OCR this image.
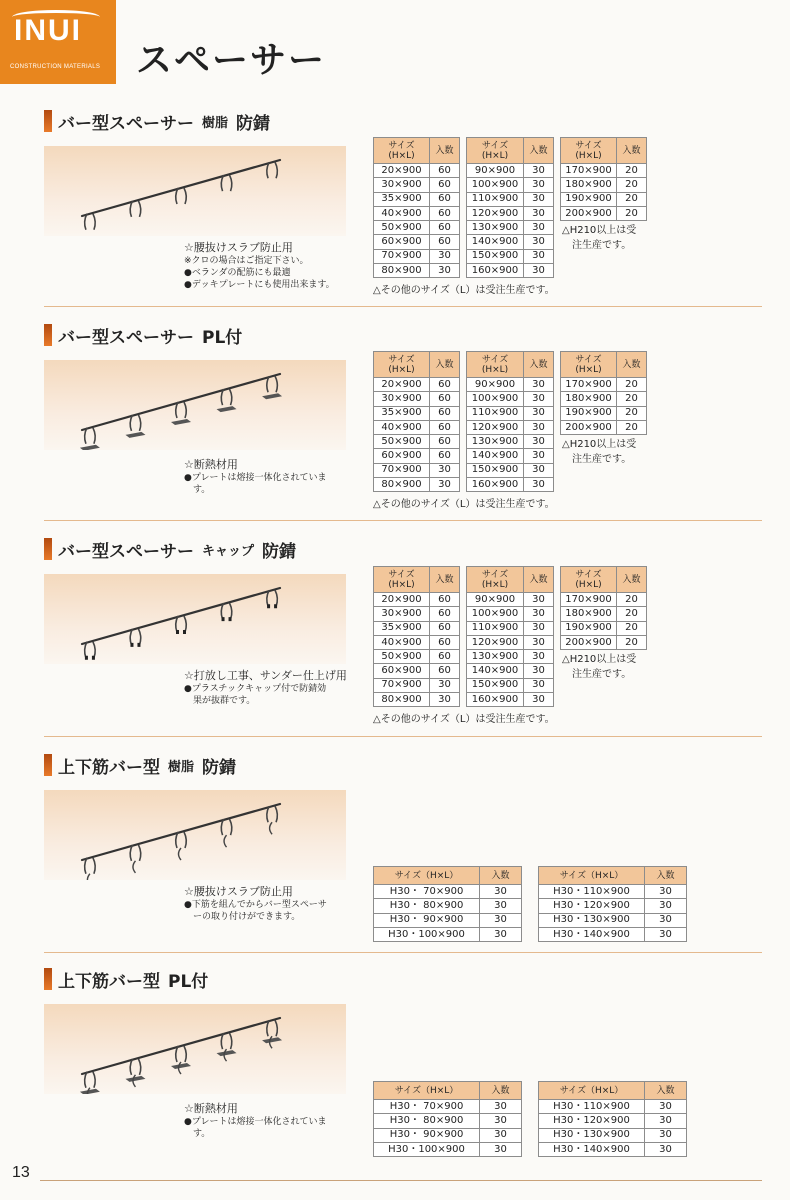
INUI
CONSTRUCTION MATERIALS スペーサー
バー型スペーサー 樹脂 防錆
☆腰抜けスラブ防止用
※クロの場合はご指定下さい。
●ベランダの配筋にも最適
●デッキプレートにも使用出来ます。
サイズ
(H×L)	入数
20×900	60
30×900	60
35×900	60
40×900	60
50×900	60
60×900	60
70×900	30
80×900	30
サイズ
(H×L)	入数
90×900	30
100×900	30
110×900	30
120×900	30
130×900	30
140×900	30
150×900	30
160×900	30
サイズ
(H×L)	入数
170×900	20
180×900	20
190×900	20
200×900	20
△H210以上は受
注生産です。
△その他のサイズ（L）は受注生産です。
バー型スペーサー PL付
☆断熱材用
●プレートは熔接一体化されていま
　す。
サイズ
(H×L)	入数
20×900	60
30×900	60
35×900	60
40×900	60
50×900	60
60×900	60
70×900	30
80×900	30
サイズ
(H×L)	入数
90×900	30
100×900	30
110×900	30
120×900	30
130×900	30
140×900	30
150×900	30
160×900	30
サイズ
(H×L)	入数
170×900	20
180×900	20
190×900	20
200×900	20
△H210以上は受
注生産です。
△その他のサイズ（L）は受注生産です。
バー型スペーサー キャップ 防錆
☆打放し工事、サンダー仕上げ用
●プラスチックキャップ付で防錆効
　果が抜群です。
サイズ
(H×L)	入数
20×900	60
30×900	60
35×900	60
40×900	60
50×900	60
60×900	60
70×900	30
80×900	30
サイズ
(H×L)	入数
90×900	30
100×900	30
110×900	30
120×900	30
130×900	30
140×900	30
150×900	30
160×900	30
サイズ
(H×L)	入数
170×900	20
180×900	20
190×900	20
200×900	20
△H210以上は受
注生産です。
△その他のサイズ（L）は受注生産です。
上下筋バー型 樹脂 防錆
☆腰抜けスラブ防止用
●下筋を組んでからバー型スペーサ
　ーの取り付けができます。
サイズ（H×L）	入数
H30・ 70×900	30
H30・ 80×900	30
H30・ 90×900	30
H30・100×900	30
サイズ（H×L）	入数
H30・110×900	30
H30・120×900	30
H30・130×900	30
H30・140×900	30
上下筋バー型 PL付
☆断熱材用
●プレートは熔接一体化されていま
　す。
サイズ（H×L）	入数
H30・ 70×900	30
H30・ 80×900	30
H30・ 90×900	30
H30・100×900	30
サイズ（H×L）	入数
H30・110×900	30
H30・120×900	30
H30・130×900	30
H30・140×900	30
13
